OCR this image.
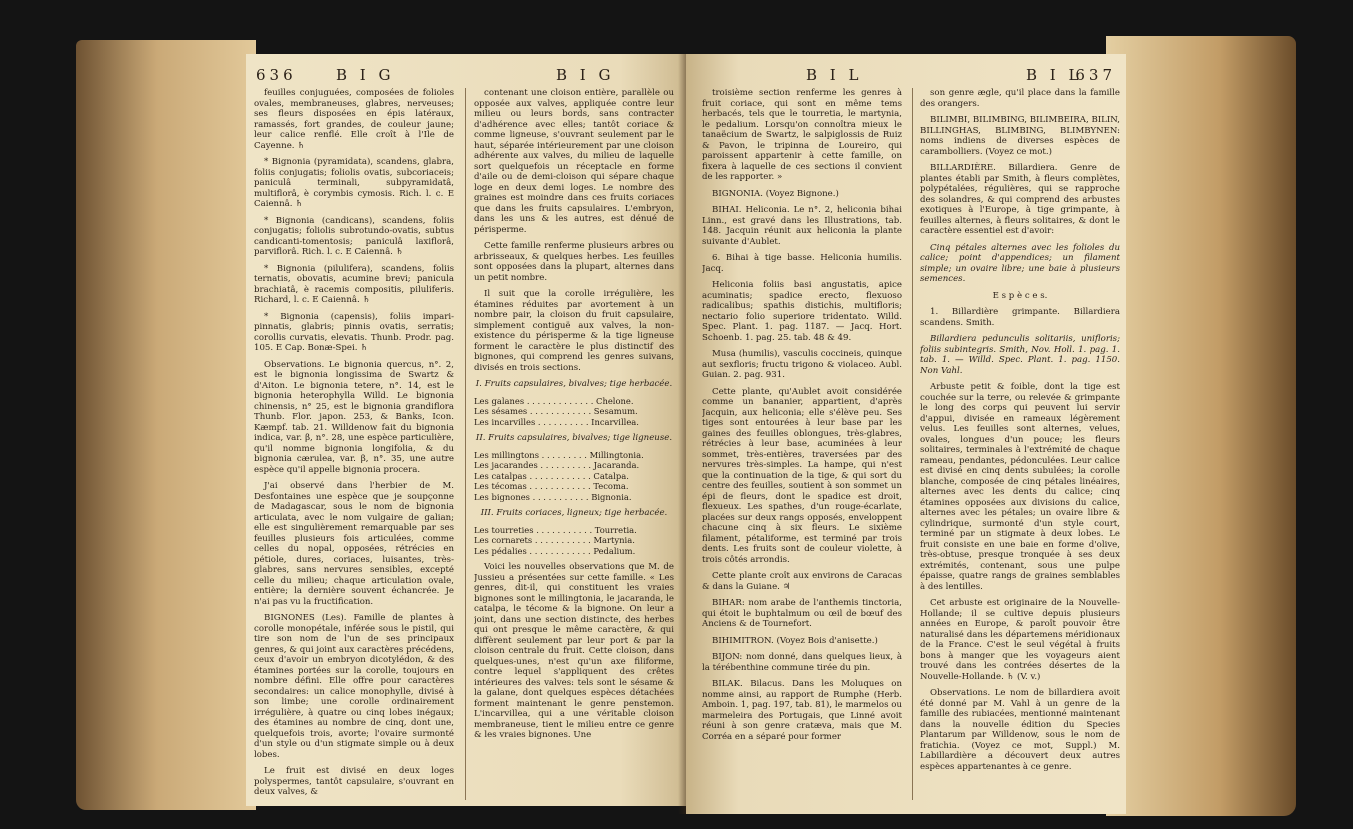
636	B I G	B I G

feuilles conjuguées, composées de folioles ovales, membraneuses, glabres, nerveuses; ses fleurs disposées en épis latéraux, ramassés, fort grandes, de couleur jaune; leur calice renflé. Elle croît à l'Ile de Cayenne. ♄

* Bignonia (pyramidata), scandens, glabra, foliis conjugatis; foliolis ovatis, subcoriaceis; paniculâ terminali, subpyramidatâ, multiflorâ, è corymbis cymosis. Rich. l. c. E Caiennâ. ♄

* Bignonia (candicans), scandens, foliis conjugatis; foliolis subrotundo-ovatis, subtus candicanti-tomentosis; paniculâ laxiflorâ, parviflorâ. Rich. l. c. E Caiennâ. ♄

* Bignonia (pilulifera), scandens, foliis ternatis, obovatis, acumine brevi; panicula brachiatâ, è racemis compositis, piluliferis. Richard, l. c. E Caiennâ. ♄

* Bignonia (capensis), foliis impari-pinnatis, glabris; pinnis ovatis, serratis; corollis curvatis, elevatis. Thunb. Prodr. pag. 105. E Cap. Bonæ-Spei. ♄

Observations. Le bignonia quercus, n°. 2, est le bignonia longissima de Swartz & d'Aiton. Le bignonia tetere, n°. 14, est le bignonia heterophylla Willd. Le bignonia chinensis, n° 25, est le bignonia grandiflora Thunb. Flor. japon. 253, & Banks, Icon. Kæmpf. tab. 21. Willdenow fait du bignonia indica, var. β, n°. 28, une espèce particulière, qu'il nomme bignonia longifolia, & du bignonia cærulea, var. β, n°. 35, une autre espèce qu'il appelle bignonia procera.

J'ai observé dans l'herbier de M. Desfontaines une espèce que je soupçonne de Madagascar, sous le nom de bignonia articulata, avec le nom vulgaire de galian; elle est singulièrement remarquable par ses feuilles plusieurs fois articulées, comme celles du nopal, opposées, rétrécies en pétiole, dures, coriaces, luisantes, très-glabres, sans nervures sensibles, excepté celle du milieu; chaque articulation ovale, entière; la dernière souvent échancrée. Je n'ai pas vu la fructification.

BIGNONES (Les). Famille de plantes à corolle monopétale, inférée sous le pistil, qui tire son nom de l'un de ses principaux genres, & qui joint aux caractères précédens, ceux d'avoir un embryon dicotylédon, & des étamines portées sur la corolle, toujours en nombre défini. Elle offre pour caractères secondaires: un calice monophylle, divisé à son limbe; une corolle ordinairement irrégulière, à quatre ou cinq lobes inégaux; des étamines au nombre de cinq, dont une, quelquefois trois, avorte; l'ovaire surmonté d'un style ou d'un stigmate simple ou à deux lobes.

Le fruit est divisé en deux loges polyspermes, tantôt capsulaire, s'ouvrant en deux valves, &

contenant une cloison entière, parallèle ou opposée aux valves, appliquée contre leur milieu ou leurs bords, sans contracter d'adhérence avec elles; tantôt coriace & comme ligneuse, s'ouvrant seulement par le haut, séparée intérieurement par une cloison adhérente aux valves, du milieu de laquelle sort quelquefois un réceptacle en forme d'aile ou de demi-cloison qui sépare chaque loge en deux demi loges. Le nombre des graines est moindre dans ces fruits coriaces que dans les fruits capsulaires. L'embryon, dans les uns & les autres, est dénué de périsperme.

Cette famille renferme plusieurs arbres ou arbrisseaux, & quelques herbes. Les feuilles sont opposées dans la plupart, alternes dans un petit nombre.

Il suit que la corolle irrégulière, les étamines réduites par avortement à un nombre pair, la cloison du fruit capsulaire, simplement contiguë aux valves, la non-existence du périsperme & la tige ligneuse forment le caractère le plus distinctif des bignones, qui comprend les genres suivans, divisés en trois sections.

I. Fruits capsulaires, bivalves; tige herbacée.

Les galanes . . . . . . . . . . . . . Chelone.

Les sésames . . . . . . . . . . . . Sesamum.

Les incarvilles . . . . . . . . . . Incarvillea.

II. Fruits capsulaires, bivalves; tige ligneuse.

Les millingtons . . . . . . . . . Millingtonia.

Les jacarandes . . . . . . . . . . Jacaranda.

Les catalpas . . . . . . . . . . . . Catalpa.

Les técomas . . . . . . . . . . . . Tecoma.

Les bignones . . . . . . . . . . . Bignonia.

III. Fruits coriaces, ligneux; tige herbacée.

Les tourreties . . . . . . . . . . . Tourretia.

Les cornarets . . . . . . . . . . . Martynia.

Les pédalies . . . . . . . . . . . . Pedalium.

Voici les nouvelles observations que M. de Jussieu a présentées sur cette famille. « Les genres, dit-il, qui constituent les vraies bignones sont le millingtonia, le jacaranda, le catalpa, le técome & la bignone. On leur a joint, dans une section distincte, des herbes qui ont presque le même caractère, & qui diffèrent seulement par leur port & par la cloison centrale du fruit. Cette cloison, dans quelques-unes, n'est qu'un axe filiforme, contre lequel s'appliquent des crêtes intérieures des valves: tels sont le sésame & la galane, dont quelques espèces détachées forment maintenant le genre penstemon. L'incarvillea, qui a une véritable cloison membraneuse, tient le milieu entre ce genre & les vraies bignones. Une

B I L	B I L
637

troisième section renferme les genres à fruit coriace, qui sont en même tems herbacés, tels que le tourretia, le martynia, le pedalium. Lorsqu'on connoîtra mieux le tanaëcium de Swartz, le salpiglossis de Ruiz & Pavon, le tripinna de Loureiro, qui paroissent appartenir à cette famille, on fixera à laquelle de ces sections il convient de les rapporter. »

BIGNONIA. (Voyez Bignone.)

BIHAI. Heliconia. Le n°. 2, heliconia bihai Linn., est gravé dans les Illustrations, tab. 148. Jacquin réunit aux heliconia la plante suivante d'Aublet.

6. Bihai à tige basse. Heliconia humilis. Jacq.

Heliconia foliis basi angustatis, apice acuminatis; spadice erecto, flexuoso radicalibus; spathis distichis, multifloris; nectario folio superiore tridentato. Willd. Spec. Plant. 1. pag. 1187. — Jacq. Hort. Schoenb. 1. pag. 25. tab. 48 & 49.

Musa (humilis), vasculis coccineis, quinque aut sexfloris; fructu trigono & violaceo. Aubl. Guian. 2. pag. 931.

Cette plante, qu'Aublet avoit considérée comme un bananier, appartient, d'après Jacquin, aux heliconia; elle s'élève peu. Ses tiges sont entourées à leur base par les gaines des feuilles oblongues, très-glabres, rétrécies à leur base, acuminées à leur sommet, très-entières, traversées par des nervures très-simples. La hampe, qui n'est que la continuation de la tige, & qui sort du centre des feuilles, soutient à son sommet un épi de fleurs, dont le spadice est droit, flexueux. Les spathes, d'un rouge-écarlate, placées sur deux rangs opposés, enveloppent chacune cinq à six fleurs. Le sixième filament, pétaliforme, est terminé par trois dents. Les fruits sont de couleur violette, à trois côtés arrondis.

Cette plante croît aux environs de Caracas & dans la Guiane. ♃

BIHAR: nom arabe de l'anthemis tinctoria, qui étoit le buphtalmum ou œil de bœuf des Anciens & de Tournefort.

BIHIMITRON. (Voyez Bois d'anisette.)

BIJON: nom donné, dans quelques lieux, à la térébenthine commune tirée du pin.

BILAK. Bilacus. Dans les Moluques on nomme ainsi, au rapport de Rumphe (Herb. Amboin. 1, pag. 197, tab. 81), le marmelos ou marmeleira des Portugais, que Linné avoit réuni à son genre cratæva, mais que M. Corréa en a séparé pour former

son genre ægle, qu'il place dans la famille des orangers.

BILIMBI, BILIMBING, BILIMBEIRA, BILIN, BILLINGHAS, BLIMBING, BLIMBYNEN: noms indiens de diverses espèces de carambolliers. (Voyez ce mot.)

BILLARDIÈRE. Billardiera. Genre de plantes établi par Smith, à fleurs complètes, polypétalées, régulières, qui se rapproche des solandres, & qui comprend des arbustes exotiques à l'Europe, à tige grimpante, à feuilles alternes, à fleurs solitaires, & dont le caractère essentiel est d'avoir:

Cinq pétales alternes avec les folioles du calice; point d'appendices; un filament simple; un ovaire libre; une baie à plusieurs semences.

E s p è c e s.

1. Billardière grimpante. Billardiera scandens. Smith.

Billardiera pedunculis solitariis, unifloris; foliis subintegris. Smith, Nov. Holl. 1. pag. 1. tab. 1. — Willd. Spec. Plant. 1. pag. 1150. Non Vahl.

Arbuste petit & foible, dont la tige est couchée sur la terre, ou relevée & grimpante le long des corps qui peuvent lui servir d'appui, divisée en rameaux légèrement velus. Les feuilles sont alternes, velues, ovales, longues d'un pouce; les fleurs solitaires, terminales à l'extrémité de chaque rameau, pendantes, pédonculées. Leur calice est divisé en cinq dents subulées; la corolle blanche, composée de cinq pétales linéaires, alternes avec les dents du calice; cinq étamines opposées aux divisions du calice, alternes avec les pétales; un ovaire libre & cylindrique, surmonté d'un style court, terminé par un stigmate à deux lobes. Le fruit consiste en une baie en forme d'olive, très-obtuse, presque tronquée à ses deux extrémités, contenant, sous une pulpe épaisse, quatre rangs de graines semblables à des lentilles.

Cet arbuste est originaire de la Nouvelle-Hollande; il se cultive depuis plusieurs années en Europe, & paroît pouvoir être naturalisé dans les départemens méridionaux de la France. C'est le seul végétal à fruits bons à manger que les voyageurs aient trouvé dans les contrées désertes de la Nouvelle-Hollande. ♄ (V. v.)

Observations. Le nom de billardiera avoit été donné par M. Vahl à un genre de la famille des rubiacées, mentionné maintenant dans la nouvelle édition du Species Plantarum par Willdenow, sous le nom de fratichia. (Voyez ce mot, Suppl.) M. Labillardière a découvert deux autres espèces appartenantes à ce genre.
